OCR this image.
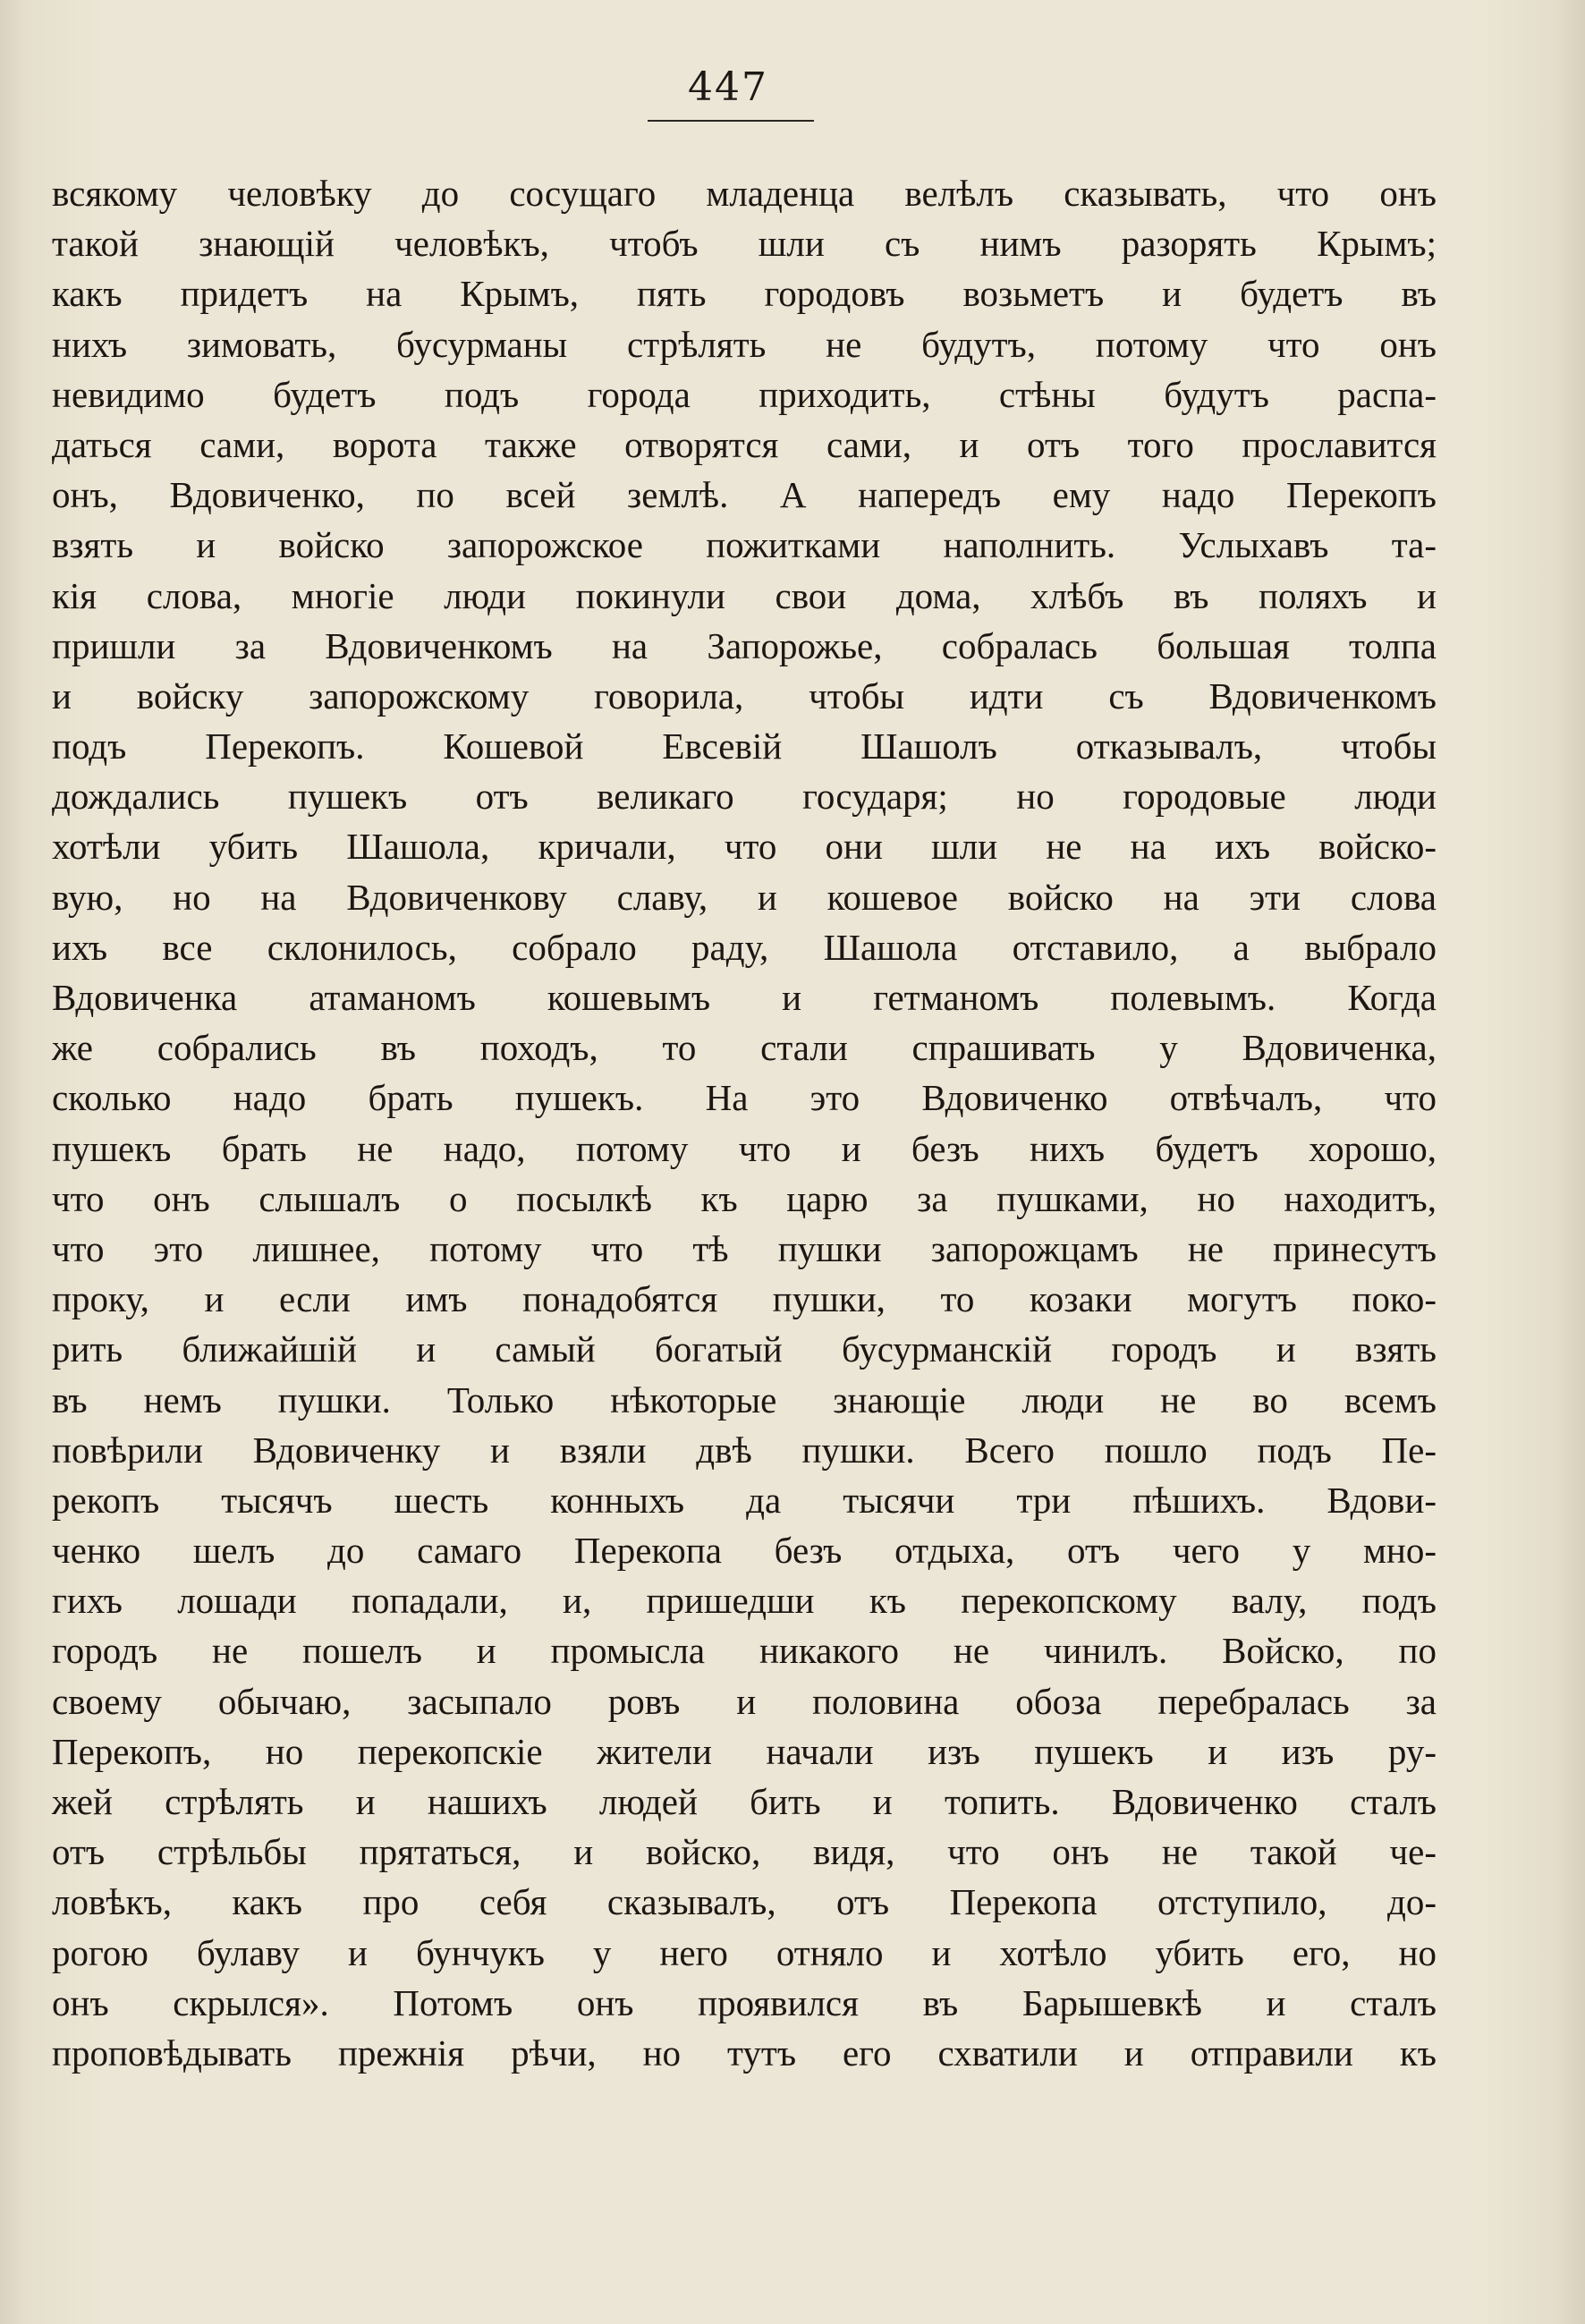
447
всякому человѣку до сосущаго младенца велѣлъ сказывать, что онъ
такой знающій человѣкъ, чтобъ шли съ нимъ разорять Крымъ;
какъ придетъ на Крымъ, пять городовъ возьметъ и будетъ въ
нихъ зимовать, бусурманы стрѣлять не будутъ, потому что онъ
невидимо будетъ подъ города приходить, стѣны будутъ распа-
даться сами, ворота также отворятся сами, и отъ того прославится
онъ, Вдовиченко, по всей землѣ. А напередъ ему надо Перекопъ
взять и войско запорожское пожитками наполнить. Услыхавъ та-
кія слова, многіе люди покинули свои дома, хлѣбъ въ поляхъ и
пришли за Вдовиченкомъ на Запорожье, собралась большая толпа
и войску запорожскому говорила, чтобы идти съ Вдовиченкомъ
подъ Перекопъ. Кошевой Евсевій Шашолъ отказывалъ, чтобы
дождались пушекъ отъ великаго государя; но городовые люди
хотѣли убить Шашола, кричали, что они шли не на ихъ войско-
вую, но на Вдовиченкову славу, и кошевое войско на эти слова
ихъ все склонилось, собрало раду, Шашола отставило, а выбрало
Вдовиченка атаманомъ кошевымъ и гетманомъ полевымъ. Когда
же собрались въ походъ, то стали спрашивать у Вдовиченка,
сколько надо брать пушекъ. На это Вдовиченко отвѣчалъ, что
пушекъ брать не надо, потому что и безъ нихъ будетъ хорошо,
что онъ слышалъ о посылкѣ къ царю за пушками, но находитъ,
что это лишнее, потому что тѣ пушки запорожцамъ не принесутъ
проку, и если имъ понадобятся пушки, то козаки могутъ поко-
рить ближайшій и самый богатый бусурманскій городъ и взять
въ немъ пушки. Только нѣкоторые знающіе люди не во всемъ
повѣрили Вдовиченку и взяли двѣ пушки. Всего пошло подъ Пе-
рекопъ тысячъ шесть конныхъ да тысячи три пѣшихъ. Вдови-
ченко шелъ до самаго Перекопа безъ отдыха, отъ чего у мно-
гихъ лошади попадали, и, пришедши къ перекопскому валу, подъ
городъ не пошелъ и промысла никакого не чинилъ. Войско, по
своему обычаю, засыпало ровъ и половина обоза перебралась за
Перекопъ, но перекопскіе жители начали изъ пушекъ и изъ ру-
жей стрѣлять и нашихъ людей бить и топить. Вдовиченко сталъ
отъ стрѣльбы прятаться, и войско, видя, что онъ не такой че-
ловѣкъ, какъ про себя сказывалъ, отъ Перекопа отступило, до-
рогою булаву и бунчукъ у него отняло и хотѣло убить его, но
онъ скрылся». Потомъ онъ проявился въ Барышевкѣ и сталъ
проповѣдывать прежнія рѣчи, но тутъ его схватили и отправили къ
